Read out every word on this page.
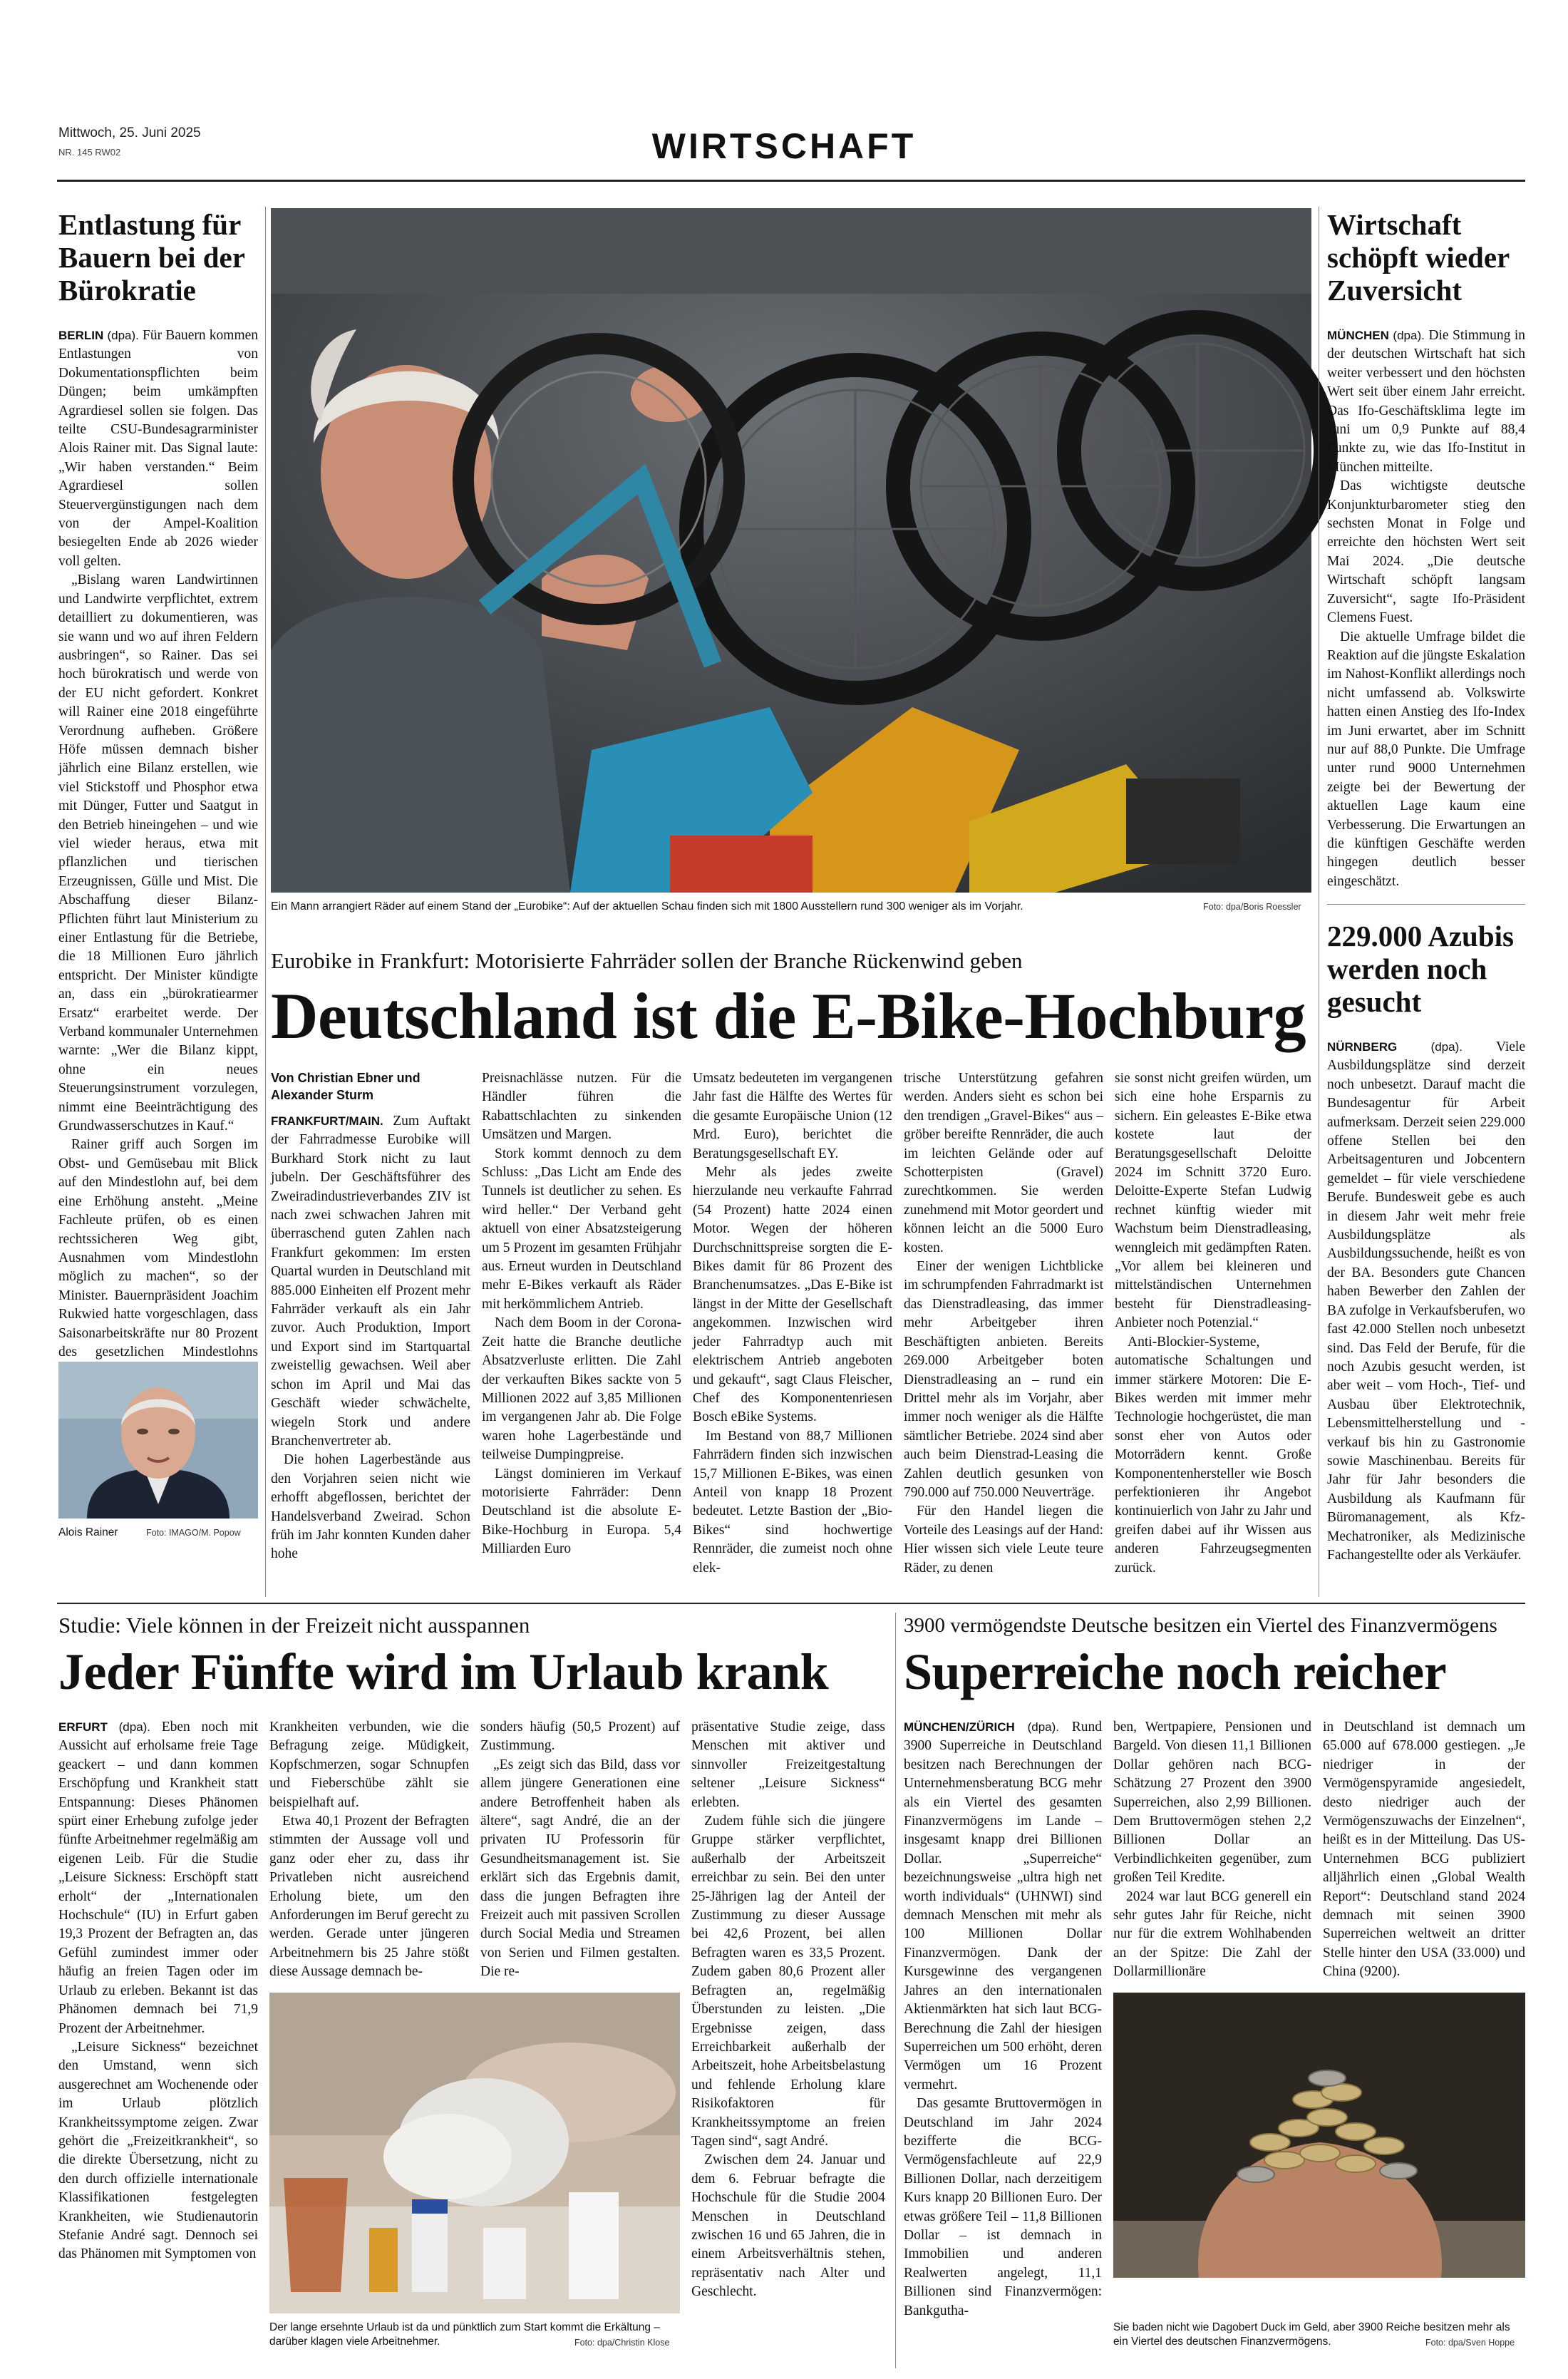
Mittwoch, 25. Juni 2025
NR. 145 RW02	WIRTSCHAFT
Entlastung für Bauern bei der Bürokratie

BERLIN (dpa). Für Bauern kommen Entlastungen von Dokumentationspflichten beim Düngen; beim umkämpften Agrardiesel sollen sie folgen. Das teilte CSU-Bundesagrarminister Alois Rainer mit. Das Signal laute: „Wir haben verstanden.“ Beim Agrardiesel sollen Steuervergünstigungen nach dem von der Ampel-Koalition besiegelten Ende ab 2026 wieder voll gelten.

„Bislang waren Landwirtinnen und Landwirte verpflichtet, extrem detailliert zu dokumentieren, was sie wann und wo auf ihren Feldern ausbringen“, so Rainer. Das sei hoch bürokratisch und werde von der EU nicht gefordert. Konkret will Rainer eine 2018 eingeführte Verordnung aufheben. Größere Höfe müssen demnach bisher jährlich eine Bilanz erstellen, wie viel Stickstoff und Phosphor etwa mit Dünger, Futter und Saatgut in den Betrieb hineingehen – und wie viel wieder heraus, etwa mit pflanzlichen und tierischen Erzeugnissen, Gülle und Mist. Die Abschaffung dieser Bilanz-Pflichten führt laut Ministerium zu einer Entlastung für die Betriebe, die 18 Millionen Euro jährlich entspricht. Der Minister kündigte an, dass ein „bürokratiearmer Ersatz“ erarbeitet werde. Der Verband kommunaler Unternehmen warnte: „Wer die Bilanz kippt, ohne ein neues Steuerungsinstrument vorzulegen, nimmt eine Beeinträchtigung des Grundwasserschutzes in Kauf.“

Rainer griff auch Sorgen im Obst- und Gemüsebau mit Blick auf den Mindestlohn auf, bei dem eine Erhöhung ansteht. „Meine Fachleute prüfen, ob es einen rechtssicheren Weg gibt, Ausnahmen vom Mindestlohn möglich zu machen“, so der Minister. Bauernpräsident Joachim Rukwied hatte vorgeschlagen, dass Saisonarbeitskräfte nur 80 Prozent des gesetzlichen Mindestlohns

Alois Rainer	Foto: IMAGO/M. Popow
Ein Mann arrangiert Räder auf einem Stand der „Eurobike“: Auf der aktuellen Schau finden sich mit 1800 Ausstellern rund 300 weniger als im Vorjahr.	Foto: dpa/Boris Roessler
Eurobike in Frankfurt: Motorisierte Fahrräder sollen der Branche Rückenwind geben
Deutschland ist die E-Bike-Hochburg

Von Christian Ebner und Alexander Sturm

FRANKFURT/MAIN. Zum Auftakt der Fahrradmesse Eurobike will Burkhard Stork nicht zu laut jubeln. Der Geschäftsführer des Zweiradindustrieverbandes ZIV ist nach zwei schwachen Jahren mit überraschend guten Zahlen nach Frankfurt gekommen: Im ersten Quartal wurden in Deutschland mit 885.000 Einheiten elf Prozent mehr Fahrräder verkauft als ein Jahr zuvor. Auch Produktion, Import und Export sind im Startquartal zweistellig gewachsen. Weil aber schon im April und Mai das Geschäft wieder schwächelte, wiegeln Stork und andere Branchenvertreter ab.

Die hohen Lagerbestände aus den Vorjahren seien nicht wie erhofft abgeflossen, berichtet der Handelsverband Zweirad. Schon früh im Jahr konnten Kunden daher hohe

Preisnachlässe nutzen. Für die Händler führen die Rabattschlachten zu sinkenden Umsätzen und Margen.

Stork kommt dennoch zu dem Schluss: „Das Licht am Ende des Tunnels ist deutlicher zu sehen. Es wird heller.“ Der Verband geht aktuell von einer Absatzsteigerung um 5 Prozent im gesamten Frühjahr aus. Erneut wurden in Deutschland mehr E-Bikes verkauft als Räder mit herkömmlichem Antrieb.

Nach dem Boom in der Corona-Zeit hatte die Branche deutliche Absatzverluste erlitten. Die Zahl der verkauften Bikes sackte von 5 Millionen 2022 auf 3,85 Millionen im vergangenen Jahr ab. Die Folge waren hohe Lagerbestände und teilweise Dumpingpreise.

Längst dominieren im Verkauf motorisierte Fahrräder: Denn Deutschland ist die absolute E-Bike-Hochburg in Europa. 5,4 Milliarden Euro

Umsatz bedeuteten im vergangenen Jahr fast die Hälfte des Wertes für die gesamte Europäische Union (12 Mrd. Euro), berichtet die Beratungsgesellschaft EY.

Mehr als jedes zweite hierzulande neu verkaufte Fahrrad (54 Prozent) hatte 2024 einen Motor. Wegen der höheren Durchschnittspreise sorgten die E-Bikes damit für 86 Prozent des Branchenumsatzes. „Das E-Bike ist längst in der Mitte der Gesellschaft angekommen. Inzwischen wird jeder Fahrradtyp auch mit elektrischem Antrieb angeboten und gekauft“, sagt Claus Fleischer, Chef des Komponentenriesen Bosch eBike Systems.

Im Bestand von 88,7 Millionen Fahrrädern finden sich inzwischen 15,7 Millionen E-Bikes, was einen Anteil von knapp 18 Prozent bedeutet. Letzte Bastion der „Bio-Bikes“ sind hochwertige Rennräder, die zumeist noch ohne elek-

trische Unterstützung gefahren werden. Anders sieht es schon bei den trendigen „Gravel-Bikes“ aus – gröber bereifte Rennräder, die auch im leichten Gelände oder auf Schotterpisten (Gravel) zurechtkommen. Sie werden zunehmend mit Motor geordert und können leicht an die 5000 Euro kosten.

Einer der wenigen Lichtblicke im schrumpfenden Fahrradmarkt ist das Dienstradleasing, das immer mehr Arbeitgeber ihren Beschäftigten anbieten. Bereits 269.000 Arbeitgeber boten Dienstradleasing an – rund ein Drittel mehr als im Vorjahr, aber immer noch weniger als die Hälfte sämtlicher Betriebe. 2024 sind aber auch beim Dienstrad-Leasing die Zahlen deutlich gesunken von 790.000 auf 750.000 Neuverträge.

Für den Handel liegen die Vorteile des Leasings auf der Hand: Hier wissen sich viele Leute teure Räder, zu denen

sie sonst nicht greifen würden, um sich eine hohe Ersparnis zu sichern. Ein geleastes E-Bike etwa kostete laut der Beratungsgesellschaft Deloitte 2024 im Schnitt 3720 Euro. Deloitte-Experte Stefan Ludwig rechnet künftig wieder mit Wachstum beim Dienstradleasing, wenngleich mit gedämpften Raten. „Vor allem bei kleineren und mittelständischen Unternehmen besteht für Dienstradleasing-Anbieter noch Potenzial.“

Anti-Blockier-Systeme, automatische Schaltungen und immer stärkere Motoren: Die E-Bikes werden mit immer mehr Technologie hochgerüstet, die man sonst eher von Autos oder Motorrädern kennt. Große Komponentenhersteller wie Bosch perfektionieren ihr Angebot kontinuierlich von Jahr zu Jahr und greifen dabei auf ihr Wissen aus anderen Fahrzeugsegmenten zurück.

Wirtschaft schöpft wieder Zuversicht

MÜNCHEN (dpa). Die Stimmung in der deutschen Wirtschaft hat sich weiter verbessert und den höchsten Wert seit über einem Jahr erreicht. Das Ifo-Geschäftsklima legte im Juni um 0,9 Punkte auf 88,4 Punkte zu, wie das Ifo-Institut in München mitteilte.

Das wichtigste deutsche Konjunkturbarometer stieg den sechsten Monat in Folge und erreichte den höchsten Wert seit Mai 2024. „Die deutsche Wirtschaft schöpft langsam Zuversicht“, sagte Ifo-Präsident Clemens Fuest.

Die aktuelle Umfrage bildet die Reaktion auf die jüngste Eskalation im Nahost-Konflikt allerdings noch nicht umfassend ab. Volkswirte hatten einen Anstieg des Ifo-Index im Juni erwartet, aber im Schnitt nur auf 88,0 Punkte. Die Umfrage unter rund 9000 Unternehmen zeigte bei der Bewertung der aktuellen Lage kaum eine Verbesserung. Die Erwartungen an die künftigen Geschäfte werden hingegen deutlich besser eingeschätzt.

229.000 Azubis werden noch gesucht

NÜRNBERG	(dpa). Viele Ausbildungsplätze sind derzeit noch unbesetzt. Darauf macht die Bundesagentur für Arbeit aufmerksam. Derzeit seien 229.000 offene Stellen bei den Arbeitsagenturen und Jobcentern gemeldet – für viele verschiedene Berufe. Bundesweit gebe es auch in diesem Jahr weit mehr freie Ausbildungsplätze als Ausbildungssuchende, heißt es von der BA. Besonders gute Chancen haben Bewerber den Zahlen der BA zufolge in Verkaufsberufen, wo fast 42.000 Stellen noch unbesetzt sind. Das Feld der Berufe, für die noch Azubis gesucht werden, ist aber weit – vom Hoch-, Tief- und Ausbau über Elektrotechnik, Lebensmittelherstellung und -verkauf bis hin zu Gastronomie sowie Maschinenbau. Bereits für Jahr für Jahr besonders die Ausbildung als Kaufmann für Büromanagement, als Kfz-Mechatroniker, als Medizinische Fachangestellte oder als Verkäufer.

Studie: Viele können in der Freizeit nicht ausspannen
Jeder Fünfte wird im Urlaub krank

ERFURT (dpa). Eben noch mit Aussicht auf erholsame freie Tage geackert – und dann kommen Erschöpfung und Krankheit statt Entspannung: Dieses Phänomen spürt einer Erhebung zufolge jeder fünfte Arbeitnehmer regelmäßig am eigenen Leib. Für die Studie „Leisure Sickness: Erschöpft statt erholt“ der „Internationalen Hochschule“ (IU) in Erfurt gaben 19,3 Prozent der Befragten an, das Gefühl zumindest immer oder häufig an freien Tagen oder im Urlaub zu erleben. Bekannt ist das Phänomen demnach bei 71,9 Prozent der Arbeitnehmer.

„Leisure Sickness“ bezeichnet den Umstand, wenn sich ausgerechnet am Wochenende oder im Urlaub plötzlich Krankheitssymptome zeigen. Zwar gehört die „Freizeitkrankheit“, so die direkte Übersetzung, nicht zu den durch offizielle internationale Klassifikationen festgelegten Krankheiten, wie Studienautorin Stefanie André sagt. Dennoch sei das Phänomen mit Symptomen von

Krankheiten verbunden, wie die Befragung zeige. Müdigkeit, Kopfschmerzen, sogar Schnupfen und Fieberschübe zählt sie beispielhaft auf.

Etwa 40,1 Prozent der Befragten stimmten der Aussage voll und ganz oder eher zu, dass ihr Privatleben nicht ausreichend Erholung biete, um den Anforderungen im Beruf gerecht zu werden. Gerade unter jüngeren Arbeitnehmern bis 25 Jahre stößt diese Aussage demnach be-

sonders häufig (50,5 Prozent) auf Zustimmung.

„Es zeigt sich das Bild, dass vor allem jüngere Generationen eine andere Betroffenheit haben als ältere“, sagt André, die an der privaten IU Professorin für Gesundheitsmanagement ist. Sie erklärt sich das Ergebnis damit, dass die jungen Befragten ihre Freizeit auch mit passiven Scrollen durch Social Media und Streamen von Serien und Filmen gestalten. Die re-

präsentative Studie zeige, dass Menschen mit aktiver und sinnvoller Freizeitgestaltung seltener „Leisure Sickness“ erlebten.

Zudem fühle sich die jüngere Gruppe stärker verpflichtet, außerhalb der Arbeitszeit erreichbar zu sein. Bei den unter 25-Jährigen lag der Anteil der Zustimmung zu dieser Aussage bei 42,6 Prozent, bei allen Befragten waren es 33,5 Prozent. Zudem gaben 80,6 Prozent aller Befragten an, regelmäßig Überstunden zu leisten. „Die Ergebnisse zeigen, dass Erreichbarkeit außerhalb der Arbeitszeit, hohe Arbeitsbelastung und fehlende Erholung klare Risikofaktoren für Krankheitssymptome an freien Tagen sind“, sagt André.

Zwischen dem 24. Januar und dem 6. Februar befragte die Hochschule für die Studie 2004 Menschen in Deutschland zwischen 16 und 65 Jahren, die in einem Arbeitsverhältnis stehen, repräsentativ nach Alter und Geschlecht.

Der lange ersehnte Urlaub ist da und pünktlich zum Start kommt die Erkältung – darüber klagen viele Arbeitnehmer.	Foto: dpa/Christin Klose
3900 vermögendste Deutsche besitzen ein Viertel des Finanzvermögens
Superreiche noch reicher

MÜNCHEN/ZÜRICH (dpa). Rund 3900 Superreiche in Deutschland besitzen nach Berechnungen der Unternehmensberatung BCG mehr als ein Viertel des gesamten Finanzvermögens im Lande – insgesamt knapp drei Billionen Dollar. „Superreiche“ bezeichnungsweise „ultra high net worth individuals“ (UHNWI) sind demnach Menschen mit mehr als 100 Millionen Dollar Finanzvermögen. Dank der Kursgewinne des vergangenen Jahres an den internationalen Aktienmärkten hat sich laut BCG-Berechnung die Zahl der hiesigen Superreichen um 500 erhöht, deren Vermögen um 16 Prozent vermehrt.

Das gesamte Bruttovermögen in Deutschland im Jahr 2024 bezifferte die BCG-Vermögensfachleute auf 22,9 Billionen Dollar, nach derzeitigem Kurs knapp 20 Billionen Euro. Der etwas größere Teil – 11,8 Billionen Dollar – ist demnach in Immobilien und anderen Realwerten angelegt, 11,1 Billionen sind Finanzvermögen: Bankgutha-

ben, Wertpapiere, Pensionen und Bargeld. Von diesen 11,1 Billionen Dollar gehören nach BCG-Schätzung 27 Prozent den 3900 Superreichen, also 2,99 Billionen. Dem Bruttovermögen stehen 2,2 Billionen Dollar an Verbindlichkeiten gegenüber, zum großen Teil Kredite.

2024 war laut BCG generell ein sehr gutes Jahr für Reiche, nicht nur für die extrem Wohlhabenden an der Spitze: Die Zahl der Dollarmillionäre

in Deutschland ist demnach um 65.000 auf 678.000 gestiegen. „Je niedriger in der Vermögenspyramide angesiedelt, desto niedriger auch der Vermögenszuwachs der Einzelnen“, heißt es in der Mitteilung. Das US-Unternehmen BCG publiziert alljährlich einen „Global Wealth Report“: Deutschland stand 2024 demnach mit seinen 3900 Superreichen weltweit an dritter Stelle hinter den USA (33.000) und China (9200).

Sie baden nicht wie Dagobert Duck im Geld, aber 3900 Reiche besitzen mehr als ein Viertel des deutschen Finanzvermögens.	Foto: dpa/Sven Hoppe
